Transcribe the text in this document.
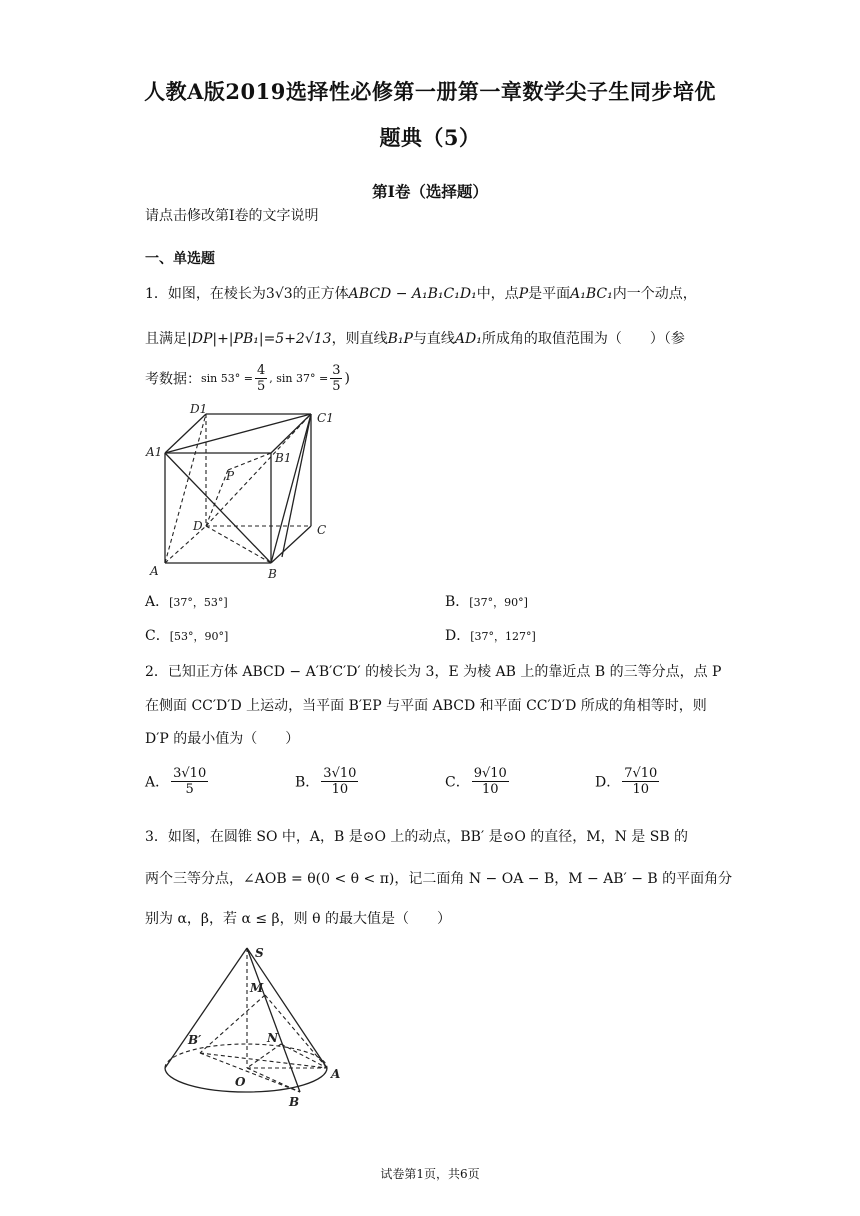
人教A版2019选择性必修第一册第一章数学尖子生同步培优
题典（5）
第I卷（选择题）
请点击修改第I卷的文字说明
一、单选题
1．如图，在棱长为3√3的正方体ABCD − A₁B₁C₁D₁中，点P是平面A₁BC₁内一个动点，
且满足|DP|+|PB₁|=5+2√13，则直线B₁P与直线AD₁所成角的取值范围为（　　）（参
考数据：$\sin 53^\circ = \frac{4}{5}$ , $\sin 37^\circ = \frac{3}{5}$ )
D1
C1
A1	B1
P
D	C
A	B
A．[37°，53°]	B．[37°，90°]
C．[53°，90°]	D．[37°，127°]
2．已知正方体 ABCD − A′B′C′D′ 的棱长为 3，E 为棱 AB 上的靠近点 B 的三等分点，点 P
在侧面 CC′D′D 上运动，当平面 B′EP 与平面 ABCD 和平面 CC′D′D 所成的角相等时，则
D′P 的最小值为（　　）
A． $\frac{3√10}{5}$	B． $\frac{3√10}{10}$	C． $\frac{9√10}{10}$	D． $\frac{7√10}{10}$
3．如图，在圆锥 SO 中，A，B 是⊙O 上的动点，BB′ 是⊙O 的直径，M，N 是 SB 的
两个三等分点，∠AOB = θ(0 < θ < π)，记二面角 N − OA − B，M − AB′ − B 的平面角分
别为 α，β，若 α ≤ β，则 θ 的最大值是（　　）
S
M
B′	N
O
A
B
试卷第1页，共6页
